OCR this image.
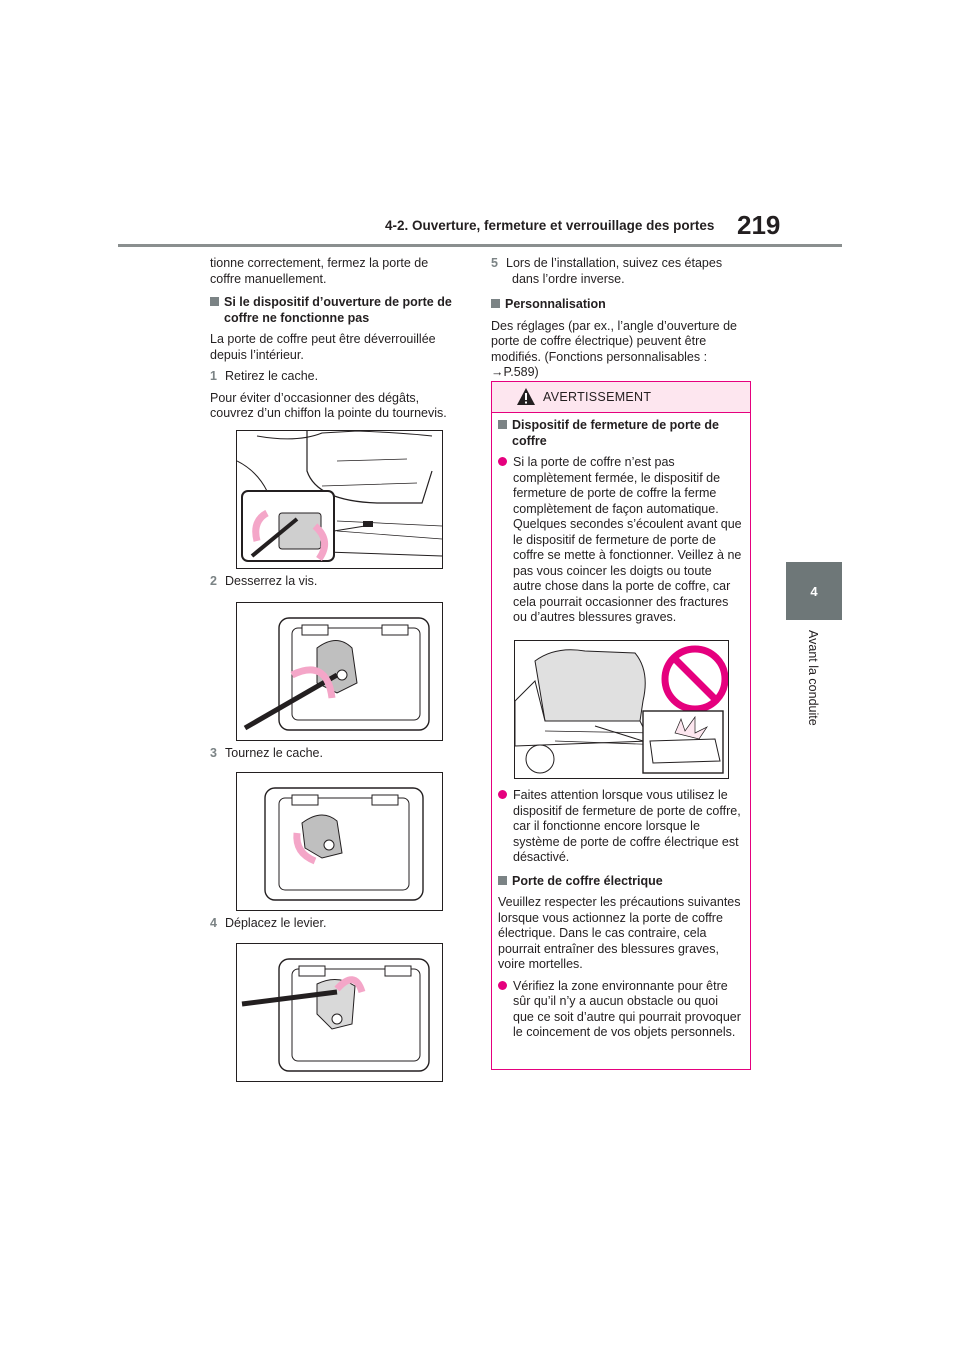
4-2. Ouverture, fermeture et verrouillage des portes 219
4
Avant la conduite

tionne correctement, fermez la porte de coffre manuellement.

Si le dispositif d’ouverture de porte de coffre ne fonctionne pas

La porte de coffre peut être déverrouillée depuis l’intérieur.

1 Retirez le cache.

Pour éviter d’occasionner des dégâts, couvrez d’un chiffon la pointe du tournevis.

2 Desserrez la vis.
3 Tournez le cache.
4 Déplacez le levier.

5 Lors de l’installation, suivez ces étapes dans l’ordre inverse.

Personnalisation

Des réglages (par ex., l’angle d’ouverture de porte de coffre électrique) peuvent être modifiés. (Fonctions personnalisables : →P.589)

AVERTISSEMENT

Dispositif de fermeture de porte de coffre

Si la porte de coffre n’est pas complètement fermée, le dispositif de fermeture de porte de coffre la ferme complètement de façon automatique. Quelques secondes s’écoulent avant que le dispositif de fermeture de porte de coffre se mette à fonctionner. Veillez à ne pas vous coincer les doigts ou toute autre chose dans la porte de coffre, car cela pourrait occasionner des fractures ou d’autres blessures graves.

Faites attention lorsque vous utilisez le dispositif de fermeture de porte de coffre, car il fonctionne encore lorsque le système de porte de coffre électrique est désactivé.

Porte de coffre électrique

Veuillez respecter les précautions suivantes lorsque vous actionnez la porte de coffre électrique. Dans le cas contraire, cela pourrait entraîner des blessures graves, voire mortelles.

Vérifiez la zone environnante pour être sûr qu’il n’y a aucun obstacle ou quoi que ce soit d’autre qui pourrait provoquer le coincement de vos objets personnels.
